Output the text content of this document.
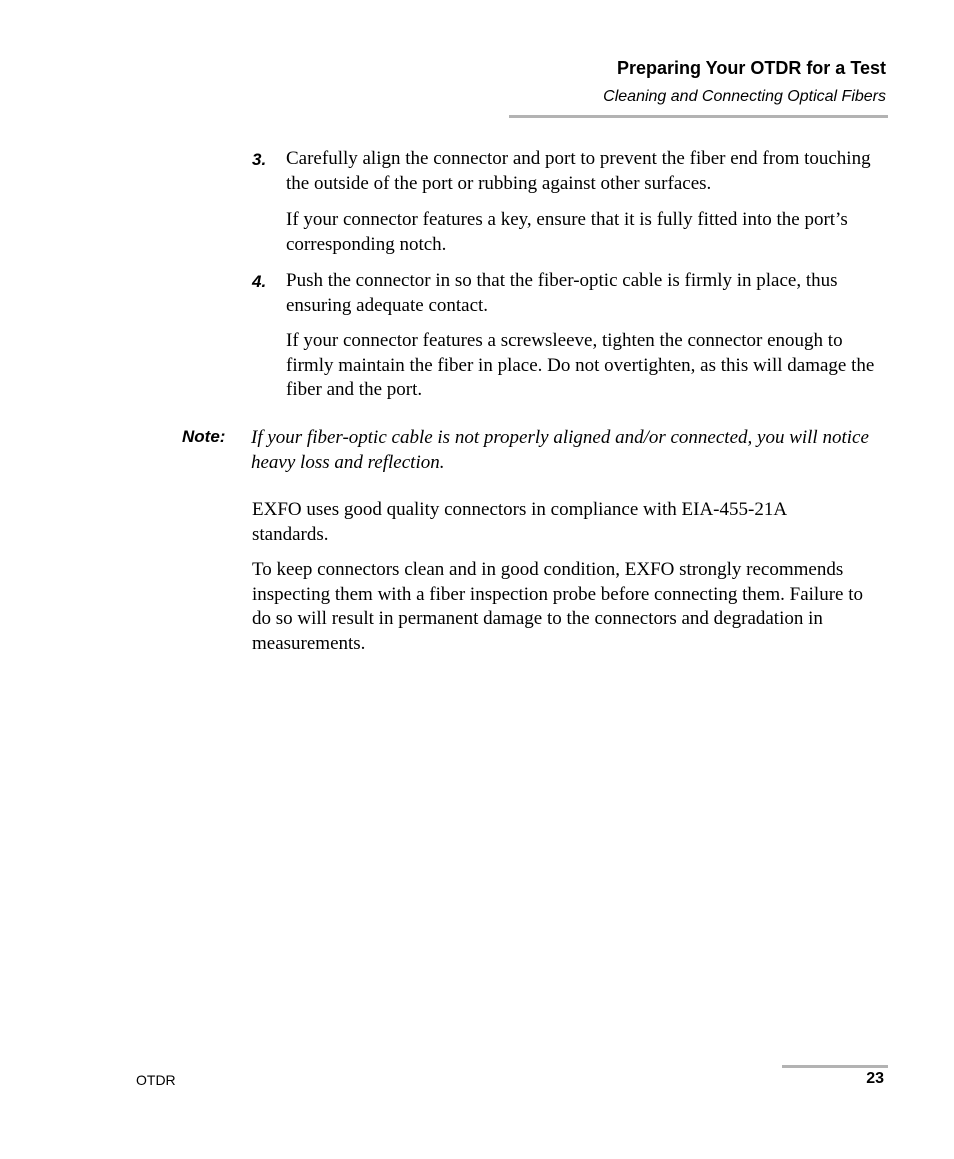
Preparing Your OTDR for a Test
Cleaning and Connecting Optical Fibers
3. Carefully align the connector and port to prevent the fiber end from touching the outside of the port or rubbing against other surfaces.
If your connector features a key, ensure that it is fully fitted into the port’s corresponding notch.
4. Push the connector in so that the fiber-optic cable is firmly in place, thus ensuring adequate contact.
If your connector features a screwsleeve, tighten the connector enough to firmly maintain the fiber in place. Do not overtighten, as this will damage the fiber and the port.
Note: If your fiber-optic cable is not properly aligned and/or connected, you will notice heavy loss and reflection.
EXFO uses good quality connectors in compliance with EIA-455-21A standards.
To keep connectors clean and in good condition, EXFO strongly recommends inspecting them with a fiber inspection probe before connecting them. Failure to do so will result in permanent damage to the connectors and degradation in measurements.
OTDR	23
